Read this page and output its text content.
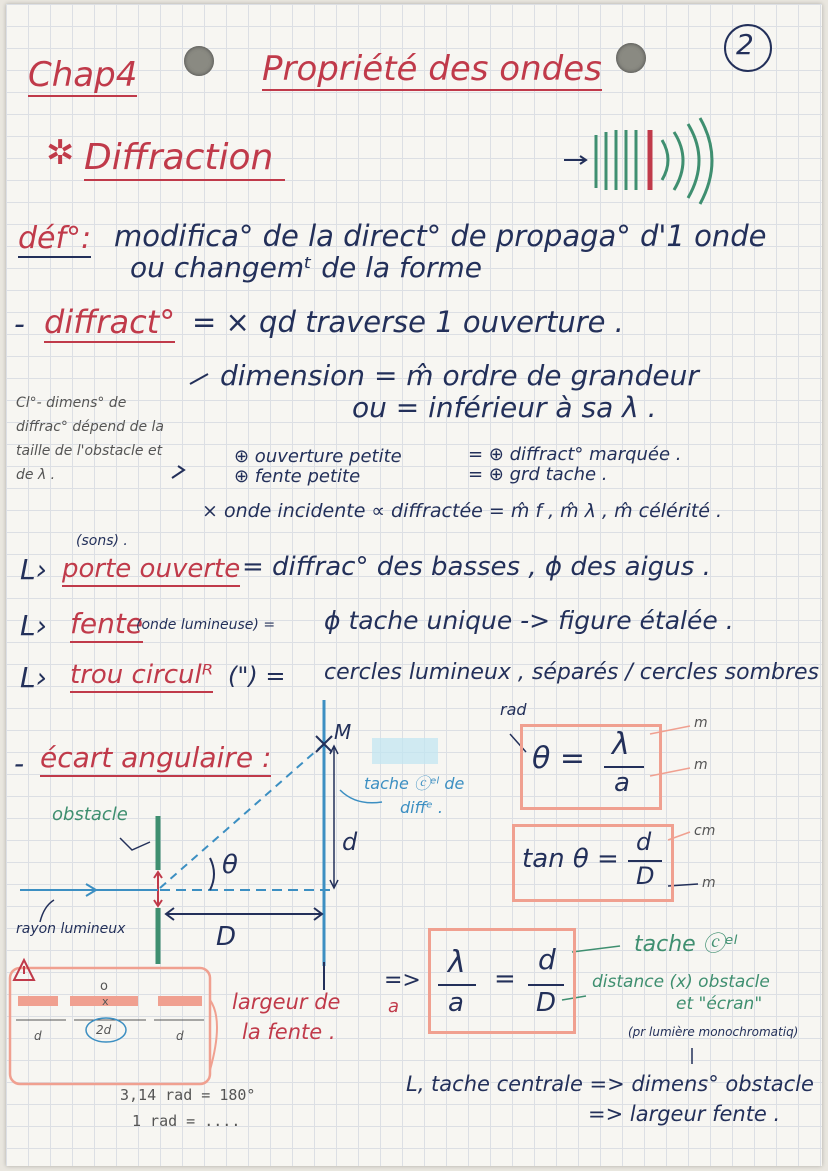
2
Chap4	Propriété des ondes
✲ Diffraction
déf°: modifica° de la direct° de propaga° d'1 onde
ou changemᵗ de la forme
- diffract° = × qd traverse 1 ouverture .
dimension = m̂ ordre de grandeur
ou = inférieur à sa λ .
Cl°- dimens° de
diffrac° dépend de la
taille de l'obstacle et
de λ .
⊕ ouverture petite	= ⊕ diffract° marquée .
⊕ fente petite	= ⊕ grd tache .
× onde incidente ∝ diffractée = m̂ f , m̂ λ , m̂ célérité .
(sons) .
L› porte ouverte = diffrac° des basses , ϕ des aigus .
L› fente
(onde lumineuse) = ϕ tache unique -> figure étalée .
L› trou circulᴿ (") = cercles lumineux , séparés / cercles sombres
- écart angulaire :
M
tache ⓒᵉˡ de
diffᵉ .
obstacle
d
θ
D
rayon lumineux
rad
θ = λ
a
m
m
tan θ =
d
D
cm
m
=>
a
λ
a
=
d
D
tache ⓒᵉˡ
distance (x) obstacle
et "écran"
(pr lumière monochromatiq)
o
x
2d
d	d
largeur de
la fente .
3,14 rad = 180°
1 rad = ....
L, tache centrale => dimens° obstacle
=> largeur fente .
